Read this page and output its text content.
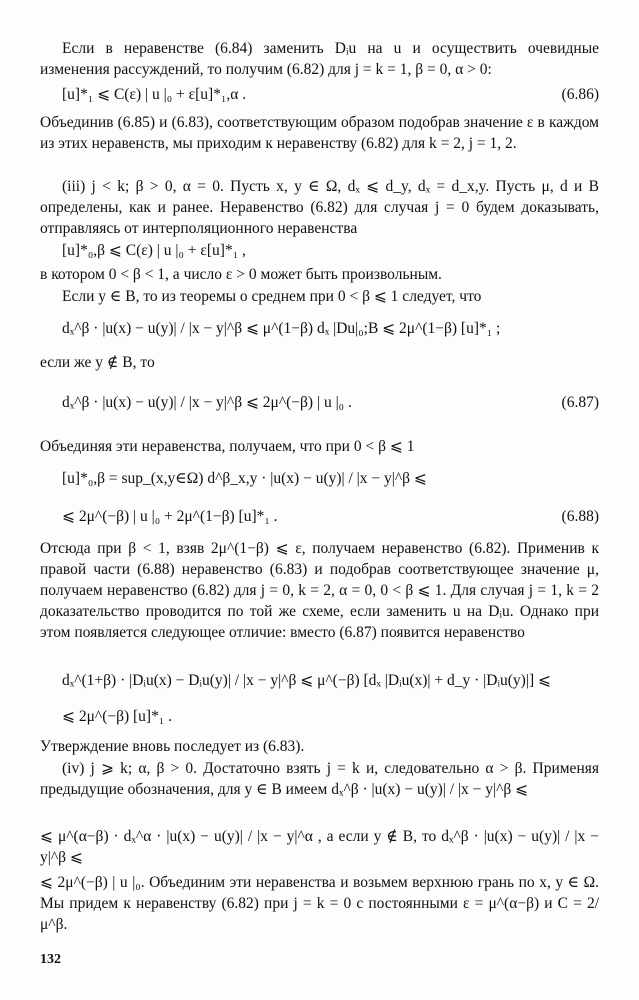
Если в неравенстве (6.84) заменить Dᵢu на u и осуществить очевидные изменения рассуждений, то получим (6.82) для j = k = 1, β = 0, α > 0:
[u]*₁ ⩽ C(ε) | u |₀ + ε[u]*₁,α .	(6.86)
Объединив (6.85) и (6.83), соответствующим образом подобрав значение ε в каждом из этих неравенств, мы приходим к неравенству (6.82) для k = 2, j = 1, 2.
(iii) j < k; β > 0, α = 0. Пусть x, y ∈ Ω, dₓ ⩽ d_y, dₓ = d_x,y. Пусть μ, d и B определены, как и ранее. Неравенство (6.82) для случая j = 0 будем доказывать, отправляясь от интерполяционного неравенства
[u]*₀,β ⩽ C(ε) | u |₀ + ε[u]*₁ ,
в котором 0 < β < 1, а число ε > 0 может быть произвольным.
Если y ∈ B, то из теоремы о среднем при 0 < β ⩽ 1 следует, что
dₓ^β · |u(x) − u(y)| / |x − y|^β ⩽ μ^(1−β) dₓ |Du|₀;B ⩽ 2μ^(1−β) [u]*₁ ;
если же y ∉ B, то
dₓ^β · |u(x) − u(y)| / |x − y|^β ⩽ 2μ^(−β) | u |₀ .	(6.87)
Объединяя эти неравенства, получаем, что при 0 < β ⩽ 1
[u]*₀,β = sup_(x,y∈Ω) d^β_x,y · |u(x) − u(y)| / |x − y|^β ⩽
⩽ 2μ^(−β) | u |₀ + 2μ^(1−β) [u]*₁ .	(6.88)
Отсюда при β < 1, взяв 2μ^(1−β) ⩽ ε, получаем неравенство (6.82). Применив к правой части (6.88) неравенство (6.83) и подобрав соответствующее значение μ, получаем неравенство (6.82) для j = 0, k = 2, α = 0, 0 < β ⩽ 1. Для случая j = 1, k = 2 доказательство проводится по той же схеме, если заменить u на Dᵢu. Однако при этом появляется следующее отличие: вместо (6.87) появится неравенство
dₓ^(1+β) · |Dᵢu(x) − Dᵢu(y)| / |x − y|^β ⩽ μ^(−β) [dₓ |Dᵢu(x)| + d_y · |Dᵢu(y)|] ⩽
⩽ 2μ^(−β) [u]*₁ .
Утверждение вновь последует из (6.83).
(iv) j ⩾ k; α, β > 0. Достаточно взять j = k и, следовательно α > β. Применяя предыдущие обозначения, для y ∈ B имеем dₓ^β · |u(x) − u(y)| / |x − y|^β ⩽
⩽ μ^(α−β) · dₓ^α · |u(x) − u(y)| / |x − y|^α , а если y ∉ B, то dₓ^β · |u(x) − u(y)| / |x − y|^β ⩽
⩽ 2μ^(−β) | u |₀. Объединим эти неравенства и возьмем верхнюю грань по x, y ∈ Ω. Мы придем к неравенству (6.82) при j = k = 0 с постоянными ε = μ^(α−β) и C = 2/μ^β.
132
